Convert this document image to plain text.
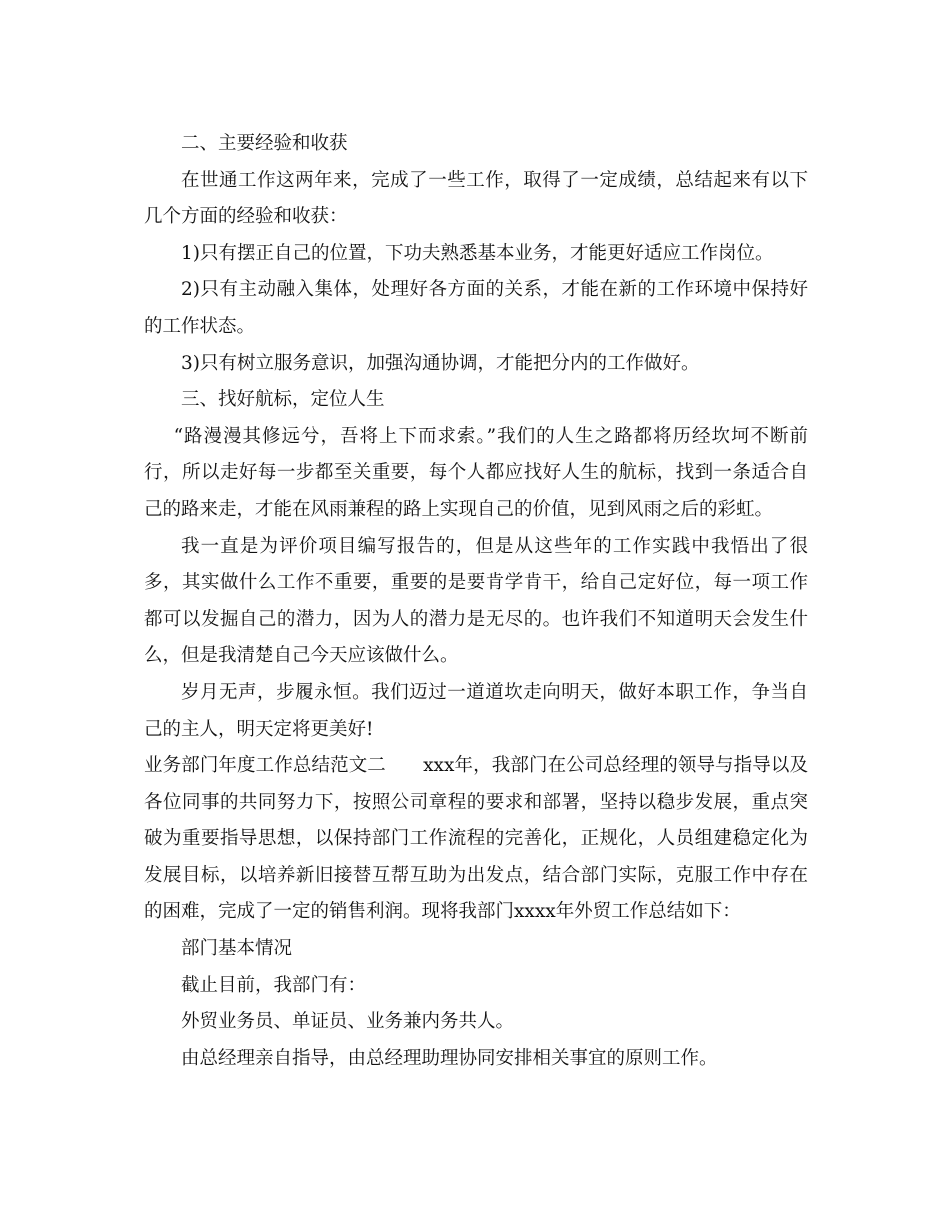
二、主要经验和收获

在世通工作这两年来，完成了一些工作，取得了一定成绩，总结起来有以下几个方面的经验和收获：

1)只有摆正自己的位置，下功夫熟悉基本业务，才能更好适应工作岗位。

2)只有主动融入集体，处理好各方面的关系，才能在新的工作环境中保持好的工作状态。

3)只有树立服务意识，加强沟通协调，才能把分内的工作做好。

三、找好航标，定位人生

“路漫漫其修远兮，吾将上下而求索。”我们的人生之路都将历经坎坷不断前行，所以走好每一步都至关重要，每个人都应找好人生的航标，找到一条适合自己的路来走，才能在风雨兼程的路上实现自己的价值，见到风雨之后的彩虹。

我一直是为评价项目编写报告的，但是从这些年的工作实践中我悟出了很多，其实做什么工作不重要，重要的是要肯学肯干，给自己定好位，每一项工作都可以发掘自己的潜力，因为人的潜力是无尽的。也许我们不知道明天会发生什么，但是我清楚自己今天应该做什么。

岁月无声，步履永恒。我们迈过一道道坎走向明天，做好本职工作，争当自己的主人，明天定将更美好!

业务部门年度工作总结范文二　　xxx年，我部门在公司总经理的领导与指导以及各位同事的共同努力下，按照公司章程的要求和部署，坚持以稳步发展，重点突破为重要指导思想，以保持部门工作流程的完善化，正规化，人员组建稳定化为发展目标，以培养新旧接替互帮互助为出发点，结合部门实际，克服工作中存在的困难，完成了一定的销售利润。现将我部门xxxx年外贸工作总结如下：

部门基本情况

截止目前，我部门有：

外贸业务员、单证员、业务兼内务共人。

由总经理亲自指导，由总经理助理协同安排相关事宜的原则工作。
